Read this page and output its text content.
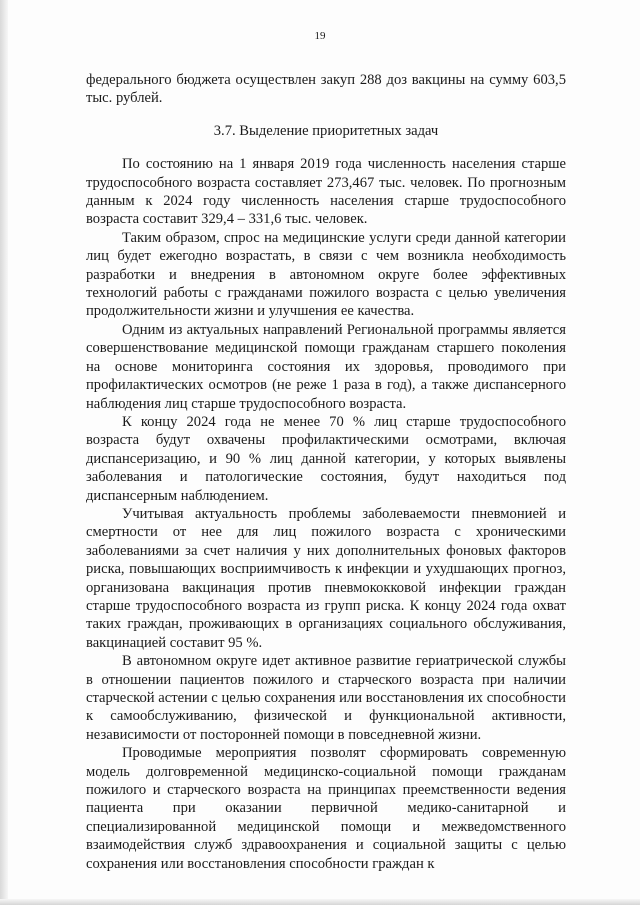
19

федерального бюджета осуществлен закуп 288 доз вакцины на сумму 603,5 тыс. рублей.

3.7. Выделение приоритетных задач

По состоянию на 1 января 2019 года численность населения старше трудоспособного возраста составляет 273,467 тыс. человек. По прогнозным данным к 2024 году численность населения старше трудоспособного возраста составит 329,4 – 331,6 тыс. человек.

Таким образом, спрос на медицинские услуги среди данной категории лиц будет ежегодно возрастать, в связи с чем возникла необходимость разработки и внедрения в автономном округе более эффективных технологий работы с гражданами пожилого возраста с целью увеличения продолжительности жизни и улучшения ее качества.

Одним из актуальных направлений Региональной программы является совершенствование медицинской помощи гражданам старшего поколения на основе мониторинга состояния их здоровья, проводимого при профилактических осмотров (не реже 1 раза в год), а также диспансерного наблюдения лиц старше трудоспособного возраста.

К концу 2024 года не менее 70 % лиц старше трудоспособного возраста будут охвачены профилактическими осмотрами, включая диспансеризацию, и 90 % лиц данной категории, у которых выявлены заболевания и патологические состояния, будут находиться под диспансерным наблюдением.

Учитывая актуальность проблемы заболеваемости пневмонией и смертности от нее для лиц пожилого возраста с хроническими заболеваниями за счет наличия у них дополнительных фоновых факторов риска, повышающих восприимчивость к инфекции и ухудшающих прогноз, организована вакцинация против пневмококковой инфекции граждан старше трудоспособного возраста из групп риска. К концу 2024 года охват таких граждан, проживающих в организациях социального обслуживания, вакцинацией составит 95 %.

В автономном округе идет активное развитие гериатрической службы в отношении пациентов пожилого и старческого возраста при наличии старческой астении с целью сохранения или восстановления их способности к самообслуживанию, физической и функциональной активности, независимости от посторонней помощи в повседневной жизни.

Проводимые мероприятия позволят сформировать современную модель долговременной медицинско-социальной помощи гражданам пожилого и старческого возраста на принципах преемственности ведения пациента при оказании первичной медико-санитарной и специализированной медицинской помощи и межведомственного взаимодействия служб здравоохранения и социальной защиты с целью сохранения или восстановления способности граждан к
